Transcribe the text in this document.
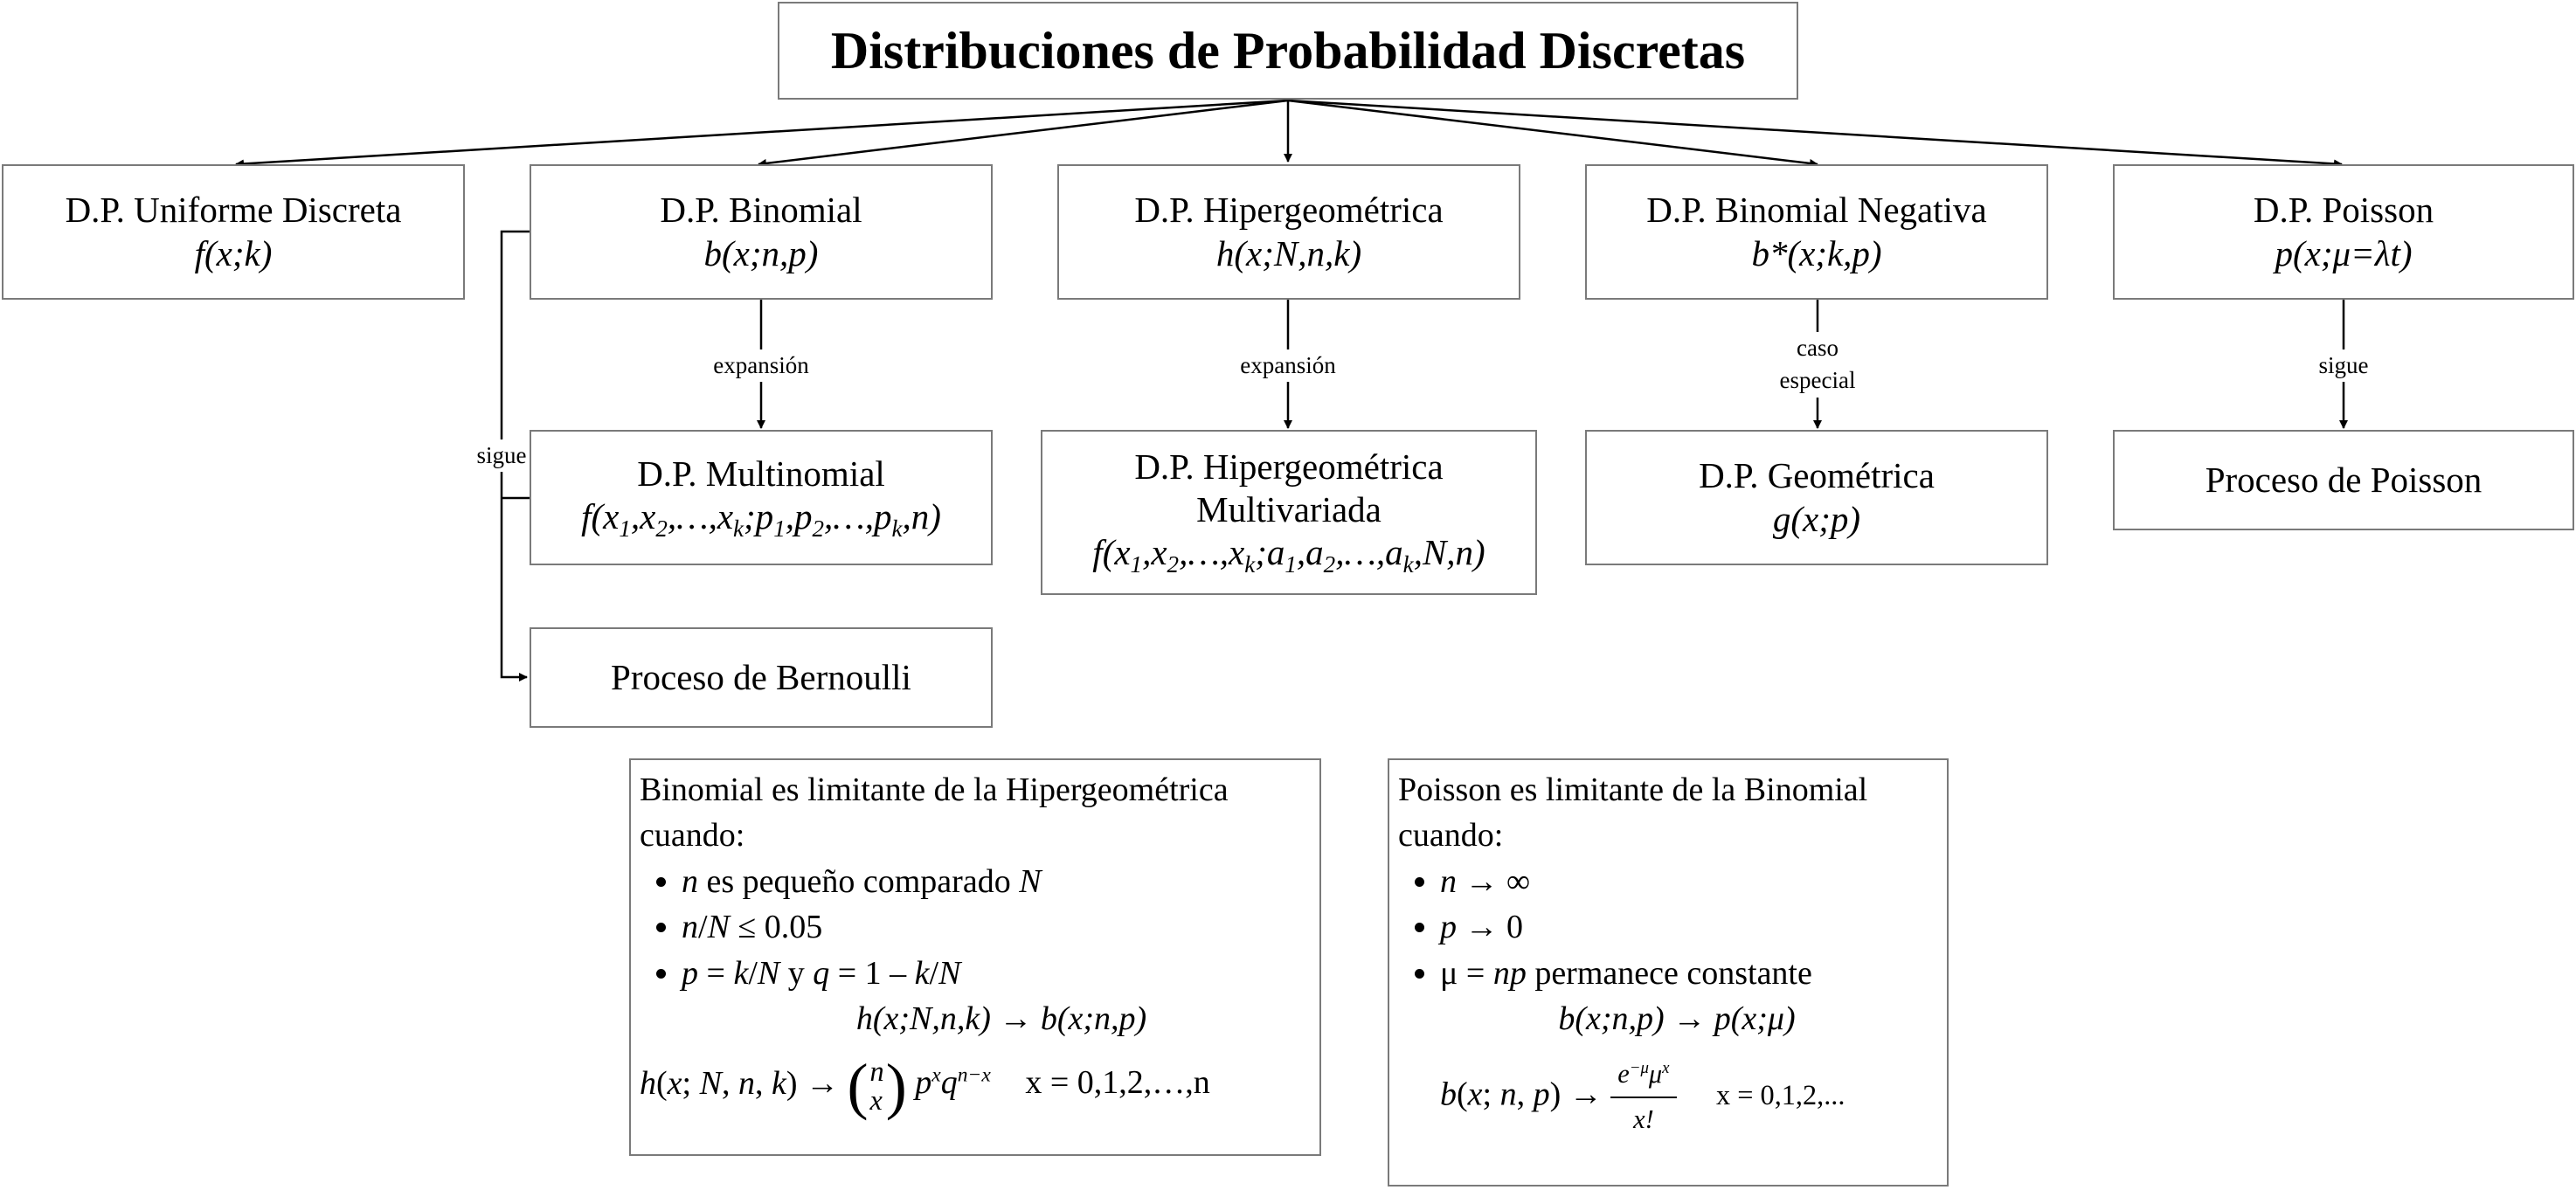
Distribuciones de Probabilidad Discretas
D.P. Uniforme Discreta
f(x;k)
D.P. Binomial
b(x;n,p)
D.P. Hipergeométrica
h(x;N,n,k)
D.P. Binomial Negativa
b*(x;k,p)
D.P. Poisson
p(x;μ=λt)
expansión	expansión
caso
especial
sigue
sigue	D.P. Multinomial
$f(x_1,x_2,\dots,x_k;p_1,p_2,\dots,p_k,n)$
D.P. Hipergeométrica
Multivariada
$f(x_1,x_2,\dots,x_k;a_1,a_2,\dots,a_k,N,n)$
D.P. Geométrica
g(x;p)
Proceso de Poisson
Proceso de Bernoulli
Binomial es limitante de la Hipergeométrica cuando:
• n es pequeño comparado N
• n/N ≤ 0.05
• p = k/N y q = 1 – k/N
h(x;N,n,k) → b(x;n,p)
h(x; N, n, k) → ( n
x ) $p^xq^{n-x}$ x = 0,1,2,…,n
Poisson es limitante de la Binomial cuando:
• n → ∞
• p → 0
• μ = np permanece constante
b(x;n,p) → p(x;μ)
b(x; n, $p) \to \frac{e^{-\mu}\mu^x}{x!}$ x = 0,1,2,...
